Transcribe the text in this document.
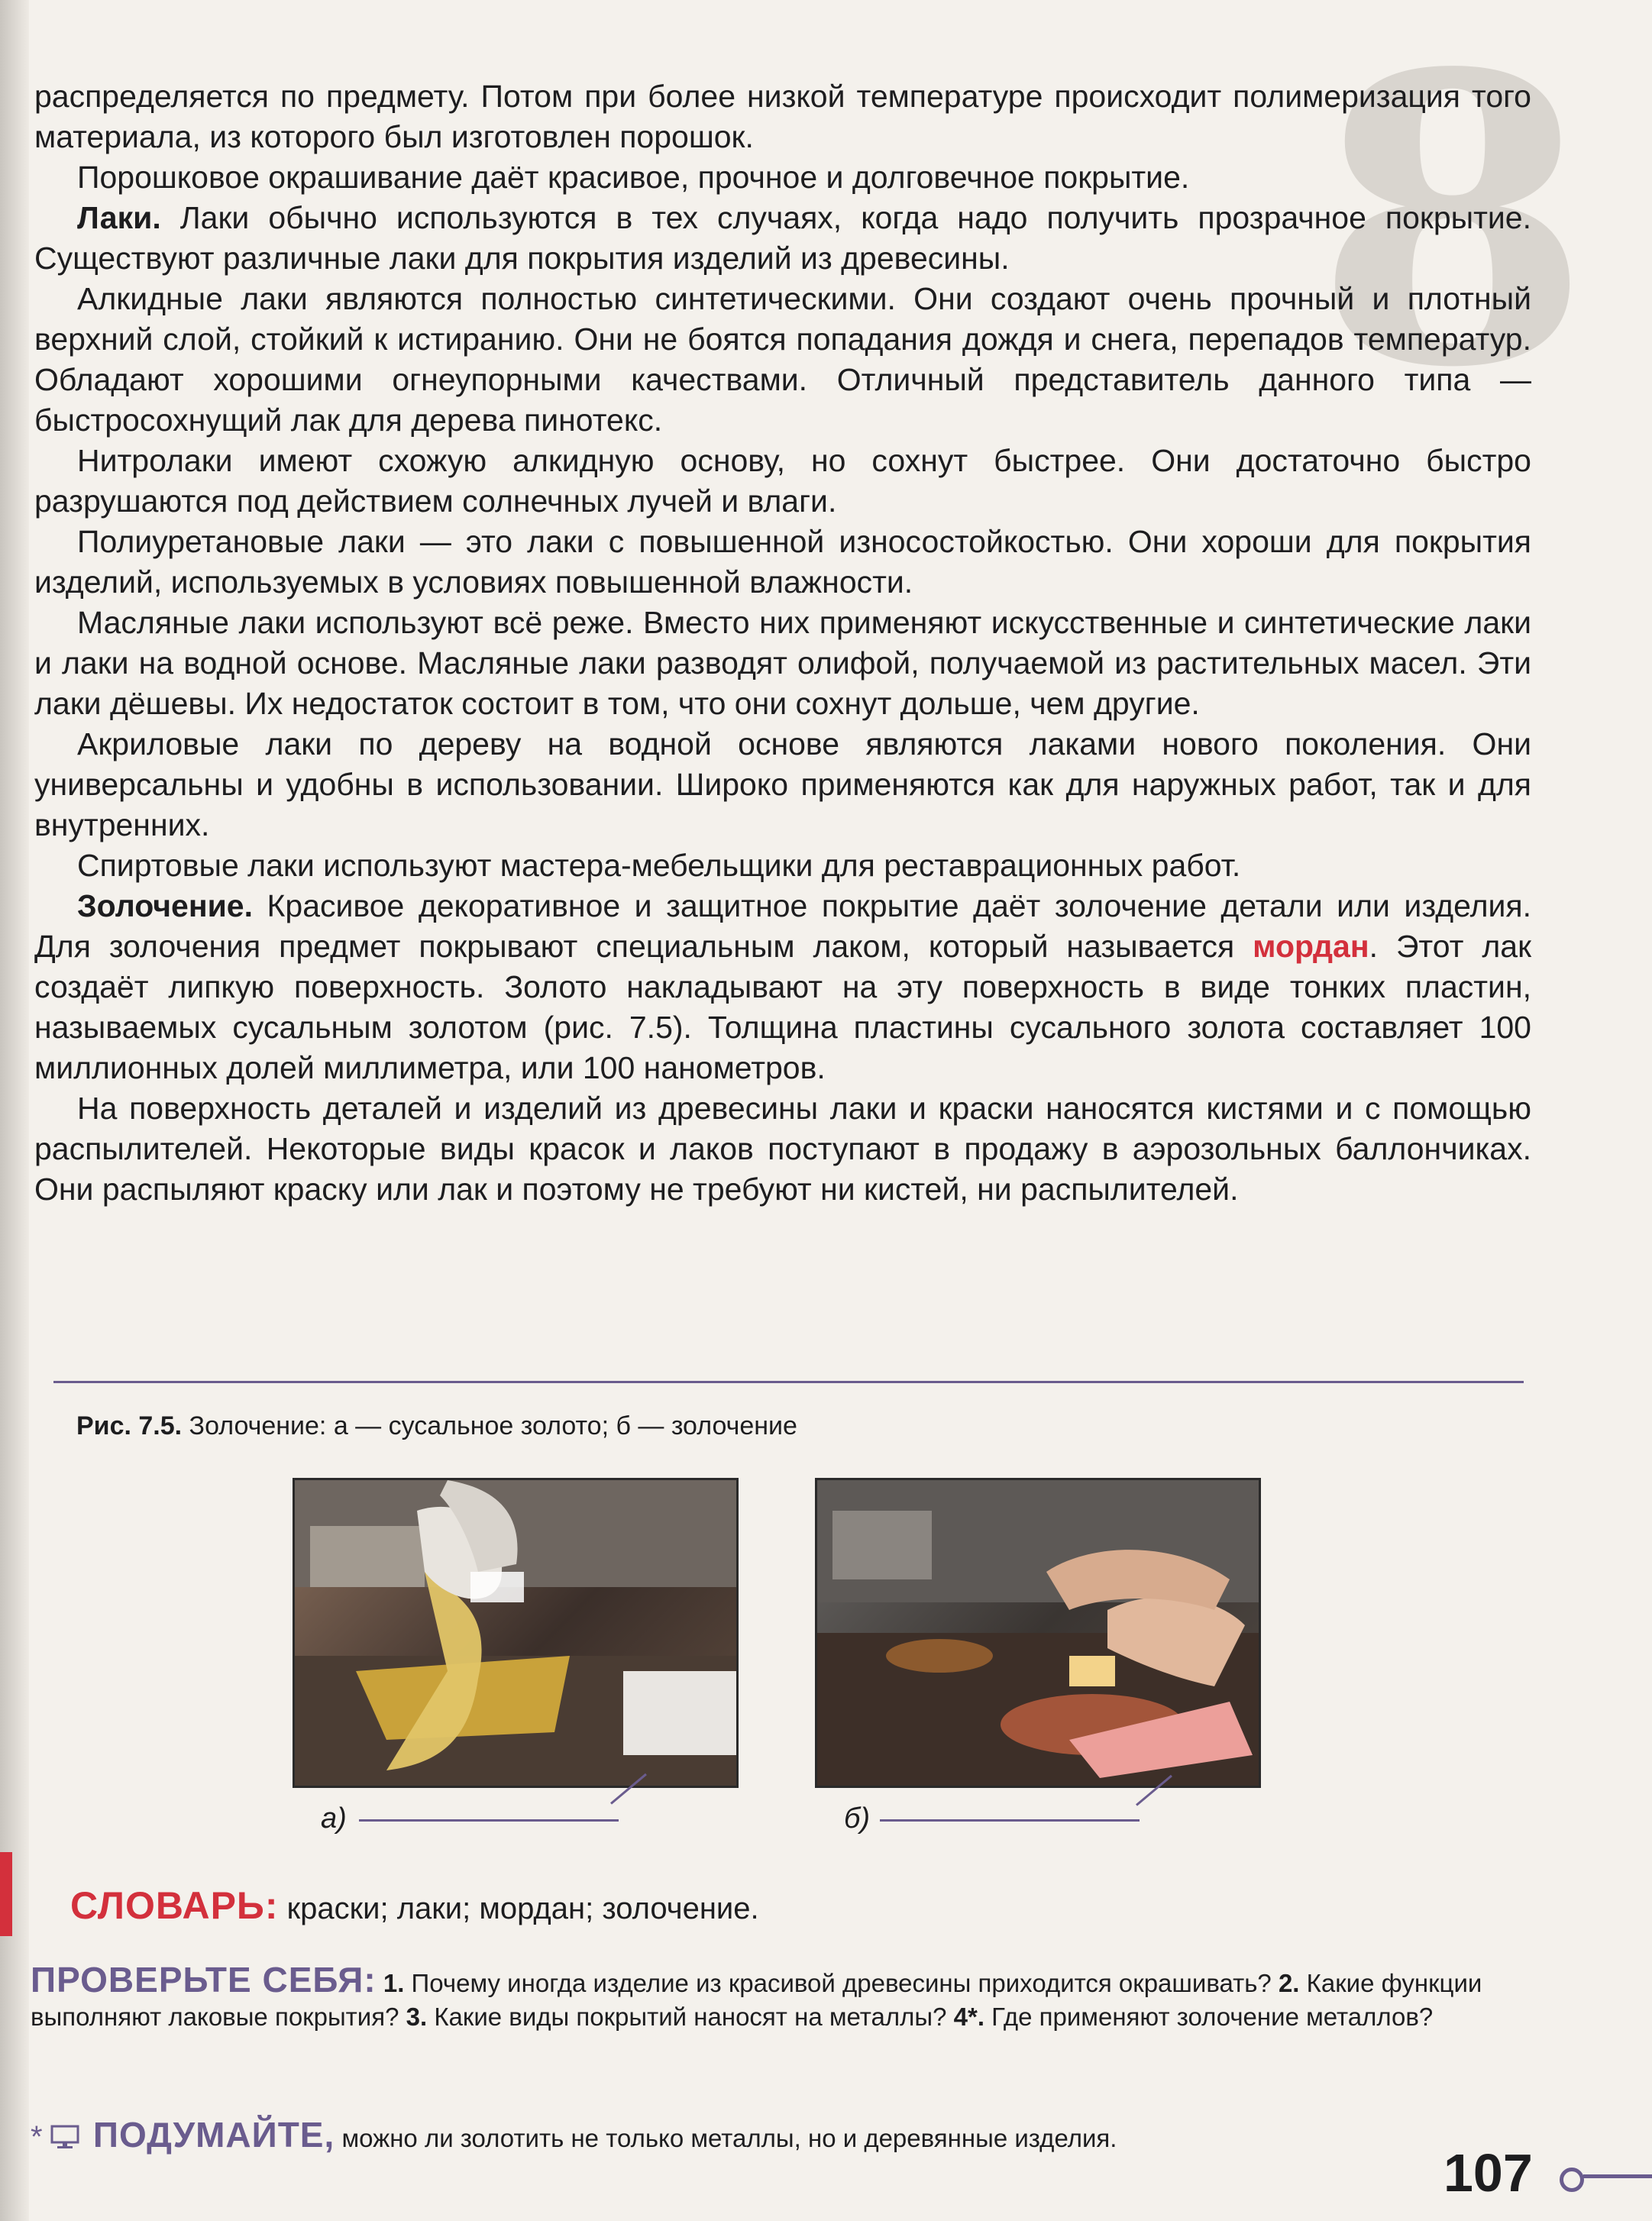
8

распределяется по предмету. Потом при более низкой температуре происходит полимеризация того материала, из которого был изготовлен порошок.

Порошковое окрашивание даёт красивое, прочное и долговечное покрытие.

Лаки. Лаки обычно используются в тех случаях, когда надо получить прозрачное покрытие. Существуют различные лаки для покрытия изделий из древесины.

Алкидные лаки являются полностью синтетическими. Они создают очень прочный и плотный верхний слой, стойкий к истиранию. Они не боятся попадания дождя и снега, перепадов температур. Обладают хорошими огнеупорными качествами. Отличный представитель данного типа — быстросохнущий лак для дерева пинотекс.

Нитролаки имеют схожую алкидную основу, но сохнут быстрее. Они достаточно быстро разрушаются под действием солнечных лучей и влаги.

Полиуретановые лаки — это лаки с повышенной износостойкостью. Они хороши для покрытия изделий, используемых в условиях повышенной влажности.

Масляные лаки используют всё реже. Вместо них применяют искусственные и синтетические лаки и лаки на водной основе. Масляные лаки разводят олифой, получаемой из растительных масел. Эти лаки дёшевы. Их недостаток состоит в том, что они сохнут дольше, чем другие.

Акриловые лаки по дереву на водной основе являются лаками нового поколения. Они универсальны и удобны в использовании. Широко применяются как для наружных работ, так и для внутренних.

Спиртовые лаки используют мастера-мебельщики для реставрационных работ.

Золочение. Красивое декоративное и защитное покрытие даёт золочение детали или изделия. Для золочения предмет покрывают специальным лаком, который называется мордан. Этот лак создаёт липкую поверхность. Золото накладывают на эту поверхность в виде тонких пластин, называемых сусальным золотом (рис. 7.5). Толщина пластины сусального золота составляет 100 миллионных долей миллиметра, или 100 нанометров.

На поверхность деталей и изделий из древесины лаки и краски наносятся кистями и с помощью распылителей. Некоторые виды красок и лаков поступают в продажу в аэрозольных баллончиках. Они распыляют краску или лак и поэтому не требуют ни кистей, ни распылителей.

Рис. 7.5. Золочение: а — сусальное золото; б — золочение
а)	б)
СЛОВАРЬ: краски; лаки; мордан; золочение.
ПРОВЕРЬТЕ СЕБЯ: 1. Почему иногда изделие из красивой древесины приходится окрашивать? 2. Какие функции выполняют лаковые покрытия? 3. Какие виды покрытий наносят на металлы? 4*. Где применяют золочение металлов?
* ПОДУМАЙТЕ, можно ли золотить не только металлы, но и деревянные изделия.
107
